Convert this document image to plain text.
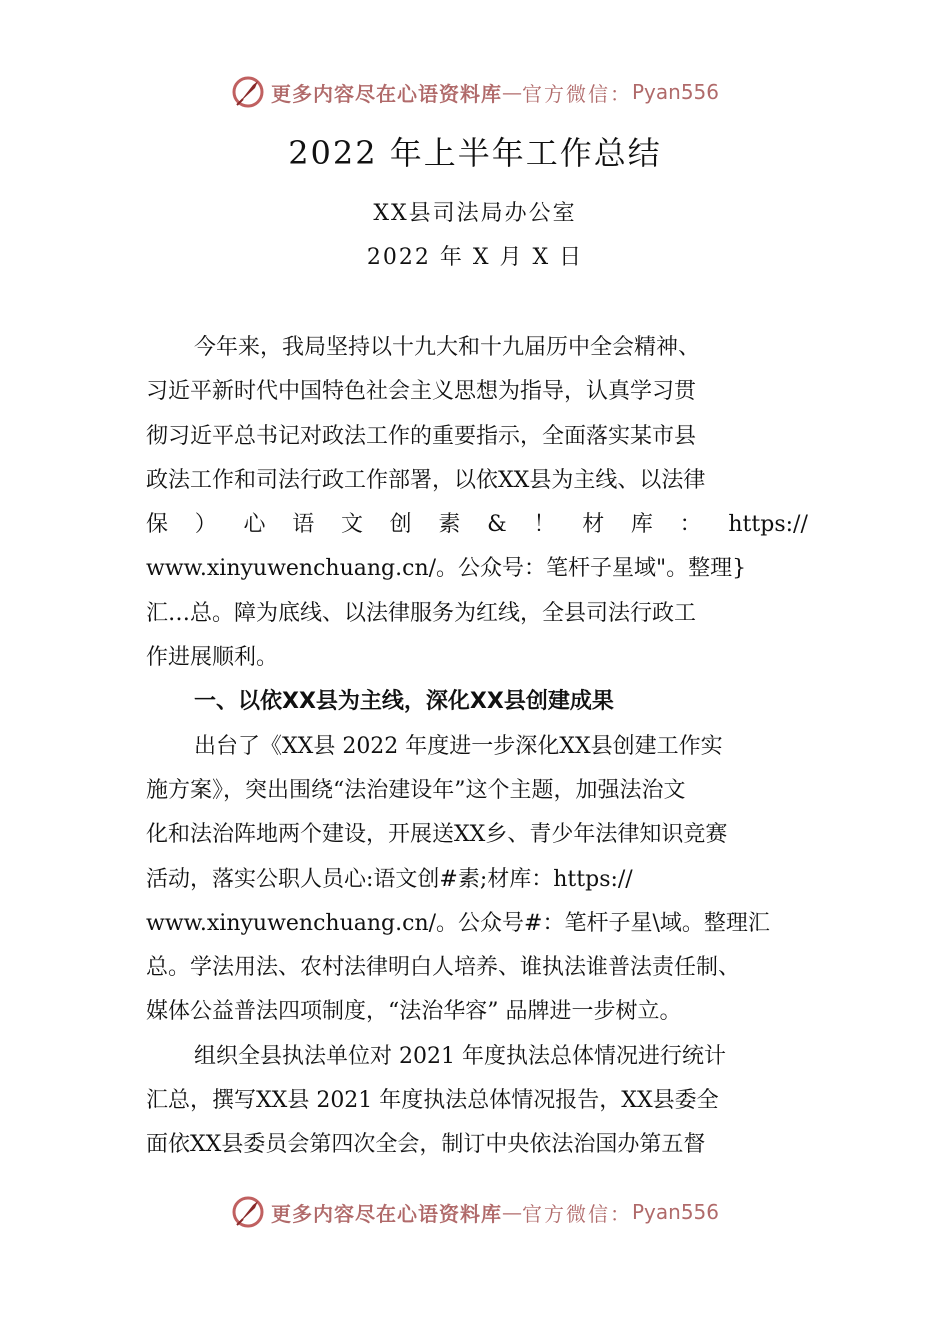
更多内容尽在心语资料库 — 官方微信： Pyan556
2022 年上半年工作总结
XX县司法局办公室
2022 年 X 月 X 日
今年来，我局坚持以十九大和十九届历中全会精神、
习近平新时代中国特色社会主义思想为指导，认真学习贯
彻习近平总书记对政法工作的重要指示，全面落实某市县
政法工作和司法行政工作部署，以依XX县为主线、以法律
保 ） 心 语 文 创 素 & ！ 材 库 ： https://
www.xinyuwenchuang.cn/。公众号：笔杆子星域"。整理}
汇…总。障为底线、以法律服务为红线，全县司法行政工
作进展顺利。
一、以依XX县为主线，深化XX县创建成果
出台了《XX县 2022 年度进一步深化XX县创建工作实
施方案》，突出围绕“法治建设年”这个主题，加强法治文
化和法治阵地两个建设，开展送XX乡、青少年法律知识竞赛
活动，落实公职人员心:语文创#素;材库：https://
www.xinyuwenchuang.cn/。公众号#：笔杆子星\域。整理汇
总。学法用法、农村法律明白人培养、谁执法谁普法责任制、
媒体公益普法四项制度，“法治华容” 品牌进一步树立。
组织全县执法单位对 2021 年度执法总体情况进行统计
汇总，撰写XX县 2021 年度执法总体情况报告，XX县委全
面依XX县委员会第四次全会，制订中央依法治国办第五督
更多内容尽在心语资料库 — 官方微信： Pyan556
